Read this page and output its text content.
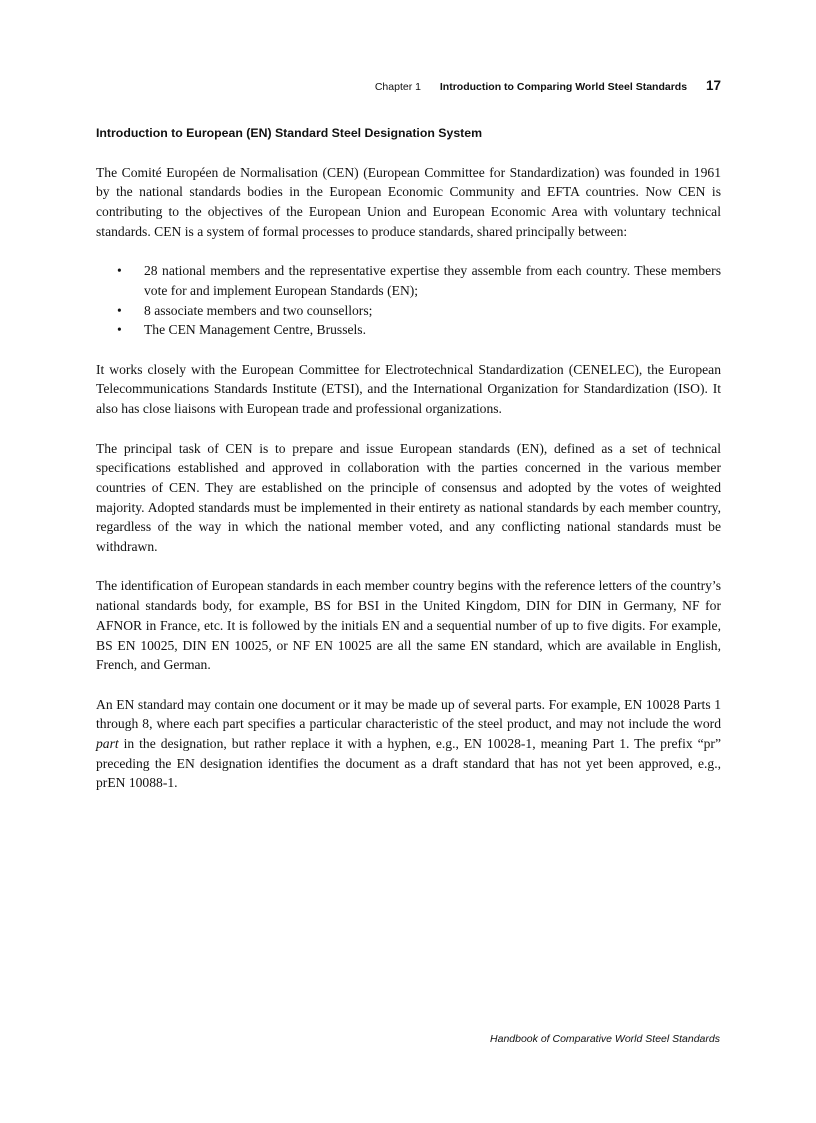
Chapter 1 Introduction to Comparing World Steel Standards 17
Introduction to European (EN) Standard Steel Designation System

The Comité Européen de Normalisation (CEN) (European Committee for Standardization) was founded in 1961 by the national standards bodies in the European Economic Community and EFTA countries. Now CEN is contributing to the objectives of the European Union and European Economic Area with voluntary technical standards. CEN is a system of formal processes to produce standards, shared principally between:

• 28 national members and the representative expertise they assemble from each country. These members vote for and implement European Standards (EN);
• 8 associate members and two counsellors;
• The CEN Management Centre, Brussels.

It works closely with the European Committee for Electrotechnical Standardization (CENELEC), the European Telecommunications Standards Institute (ETSI), and the International Organization for Standardization (ISO). It also has close liaisons with European trade and professional organizations.

The principal task of CEN is to prepare and issue European standards (EN), defined as a set of technical specifications established and approved in collaboration with the parties concerned in the various member countries of CEN. They are established on the principle of consensus and adopted by the votes of weighted majority. Adopted standards must be implemented in their entirety as national standards by each member country, regardless of the way in which the national member voted, and any conflicting national standards must be withdrawn.

The identification of European standards in each member country begins with the reference letters of the country’s national standards body, for example, BS for BSI in the United Kingdom, DIN for DIN in Germany, NF for AFNOR in France, etc. It is followed by the initials EN and a sequential number of up to five digits. For example, BS EN 10025, DIN EN 10025, or NF EN 10025 are all the same EN standard, which are available in English, French, and German.

An EN standard may contain one document or it may be made up of several parts. For example, EN 10028 Parts 1 through 8, where each part specifies a particular characteristic of the steel product, and may not include the word part in the designation, but rather replace it with a hyphen, e.g., EN 10028-1, meaning Part 1. The prefix “pr” preceding the EN designation identifies the document as a draft standard that has not yet been approved, e.g., prEN 10088-1.

Handbook of Comparative World Steel Standards
